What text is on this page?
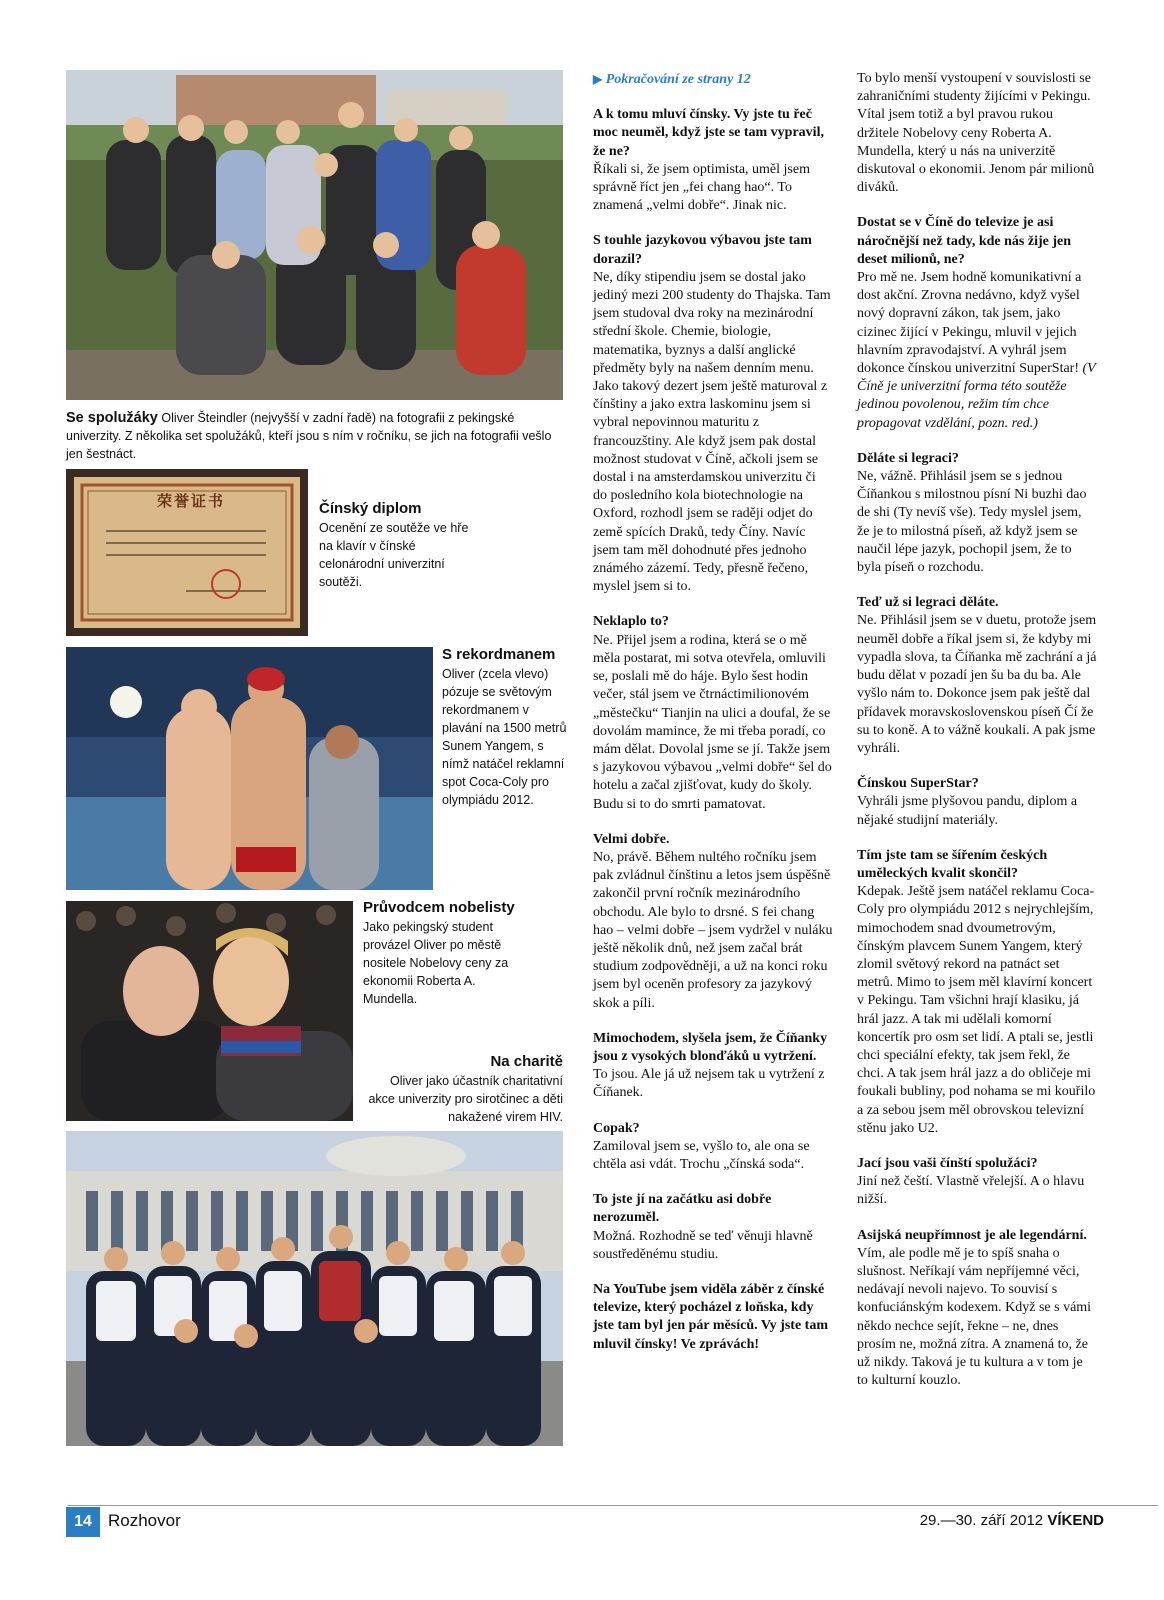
Se spolužáky Oliver Šteindler (nejvyšší v zadní řadě) na fotografii z pekingské univerzity. Z několika set spolužáků, kteří jsou s ním v ročníku, se jich na fotografii vešlo jen šestnáct.
荣誉证书	Čínský diplom
Ocenění ze soutěže ve hře na klavír v čínské celonárodní univerzitní soutěži.
S rekordmanem
Oliver (zcela vlevo) pózuje se světovým rekordmanem v plavání na 1500 metrů Sunem Yangem, s nímž natáčel reklamní spot Coca-Coly pro olympiádu 2012.
Průvodcem nobelisty
Jako pekingský student provázel Oliver po městě nositele Nobelovy ceny za ekonomii Roberta A. Mundella.
Na charitě
Oliver jako účastník charitativní akce univerzity pro sirotčinec a děti nakažené virem HIV.
▶ Pokračování ze strany 12
A k tomu mluví čínsky. Vy jste tu řeč moc neuměl, když jste se tam vypravil, že ne?
Říkali si, že jsem optimista, uměl jsem správně říct jen „fei chang hao“. To znamená „velmi dobře“. Jinak nic.
S touhle jazykovou výbavou jste tam dorazil?
Ne, díky stipendiu jsem se dostal jako jediný mezi 200 studenty do Thajska. Tam jsem studoval dva roky na mezinárodní střední škole. Chemie, biologie, matematika, byznys a další anglické předměty byly na našem denním menu. Jako takový dezert jsem ještě maturoval z čínštiny a jako extra laskominu jsem si vybral nepovinnou maturitu z francouzštiny. Ale když jsem pak dostal možnost studovat v Číně, ačkoli jsem se dostal i na amsterdamskou univerzitu či do posledního kola biotechnologie na Oxford, rozhodl jsem se raději odjet do země spících Draků, tedy Číny. Navíc jsem tam měl dohodnuté přes jednoho známého zázemí. Tedy, přesně řečeno, myslel jsem si to.
Neklaplo to?
Ne. Přijel jsem a rodina, která se o mě měla postarat, mi sotva otevřela, omluvili se, poslali mě do háje. Bylo šest hodin večer, stál jsem ve čtrnáctimilionovém „městečku“ Tianjin na ulici a doufal, že se dovolám mamince, že mi třeba poradí, co mám dělat. Dovolal jsme se jí. Takže jsem s jazykovou výbavou „velmi dobře“ šel do hotelu a začal zjišťovat, kudy do školy. Budu si to do smrti pamatovat.
Velmi dobře.
No, právě. Během nultého ročníku jsem pak zvládnul čínštinu a letos jsem úspěšně zakončil první ročník mezinárodního obchodu. Ale bylo to drsné. S fei chang hao – velmi dobře – jsem vydržel v nuláku ještě několik dnů, než jsem začal brát studium zodpovědněji, a už na konci roku jsem byl oceněn profesory za jazykový skok a píli.
Mimochodem, slyšela jsem, že Číňanky jsou z vysokých blonďáků u vytržení.
To jsou. Ale já už nejsem tak u vytržení z Číňanek.
Copak?
Zamiloval jsem se, vyšlo to, ale ona se chtěla asi vdát. Trochu „čínská soda“.
To jste jí na začátku asi dobře nerozuměl.
Možná. Rozhodně se teď věnuji hlavně soustředěnému studiu.
Na YouTube jsem viděla záběr z čínské televize, který pocházel z loňska, kdy jste tam byl jen pár měsíců. Vy jste tam mluvil čínsky! Ve zprávách!
To bylo menší vystoupení v souvislosti se zahraničními studenty žijícími v Pekingu. Vítal jsem totiž a byl pravou rukou držitele Nobelovy ceny Roberta A. Mundella, který u nás na univerzitě diskutoval o ekonomii. Jenom pár milionů diváků.
Dostat se v Číně do televize je asi náročnější než tady, kde nás žije jen deset milionů, ne?
Pro mě ne. Jsem hodně komunikativní a dost akční. Zrovna nedávno, když vyšel nový dopravní zákon, tak jsem, jako cizinec žijící v Pekingu, mluvil v jejich hlavním zpravodajství. A vyhrál jsem dokonce čínskou univerzitní SuperStar! (V Číně je univerzitní forma této soutěže jedinou povolenou, režim tím chce propagovat vzdělání, pozn. red.)
Děláte si legraci?
Ne, vážně. Přihlásil jsem se s jednou Číňankou s milostnou písní Ni buzhi dao de shi (Ty nevíš vše). Tedy myslel jsem, že je to milostná píseň, až když jsem se naučil lépe jazyk, pochopil jsem, že to byla píseň o rozchodu.
Teď už si legraci děláte.
Ne. Přihlásil jsem se v duetu, protože jsem neuměl dobře a říkal jsem si, že kdyby mi vypadla slova, ta Číňanka mě zachrání a já budu dělat v pozadí jen šu ba du ba. Ale vyšlo nám to. Dokonce jsem pak ještě dal přídavek moravskoslovenskou píseň Čí že su to koně. A to vážně koukali. A pak jsme vyhráli.
Čínskou SuperStar?
Vyhráli jsme plyšovou pandu, diplom a nějaké studijní materiály.
Tím jste tam se šířením českých uměleckých kvalit skončil?
Kdepak. Ještě jsem natáčel reklamu Coca-Coly pro olympiádu 2012 s nejrychlejším, mimochodem snad dvoumetrovým, čínským plavcem Sunem Yangem, který zlomil světový rekord na patnáct set metrů. Mimo to jsem měl klavírní koncert v Pekingu. Tam všichni hrají klasiku, já hrál jazz. A tak mi udělali komorní koncertík pro osm set lidí. A ptali se, jestli chci speciální efekty, tak jsem řekl, že chci. A tak jsem hrál jazz a do obličeje mi foukali bubliny, pod nohama se mi kouřilo a za sebou jsem měl obrovskou televizní stěnu jako U2.
Jací jsou vaši čínští spolužáci?
Jiní než čeští. Vlastně vřelejší. A o hlavu nižší.
Asijská neupřímnost je ale legendární.
Vím, ale podle mě je to spíš snaha o slušnost. Neříkají vám nepříjemné věci, nedávají nevoli najevo. To souvisí s konfuciánským kodexem. Když se s vámi někdo nechce sejít, řekne – ne, dnes prosím ne, možná zítra. A znamená to, že už nikdy. Taková je tu kultura a v tom je to kulturní kouzlo.
14 Rozhovor	29.—30. září 2012 VÍKEND
